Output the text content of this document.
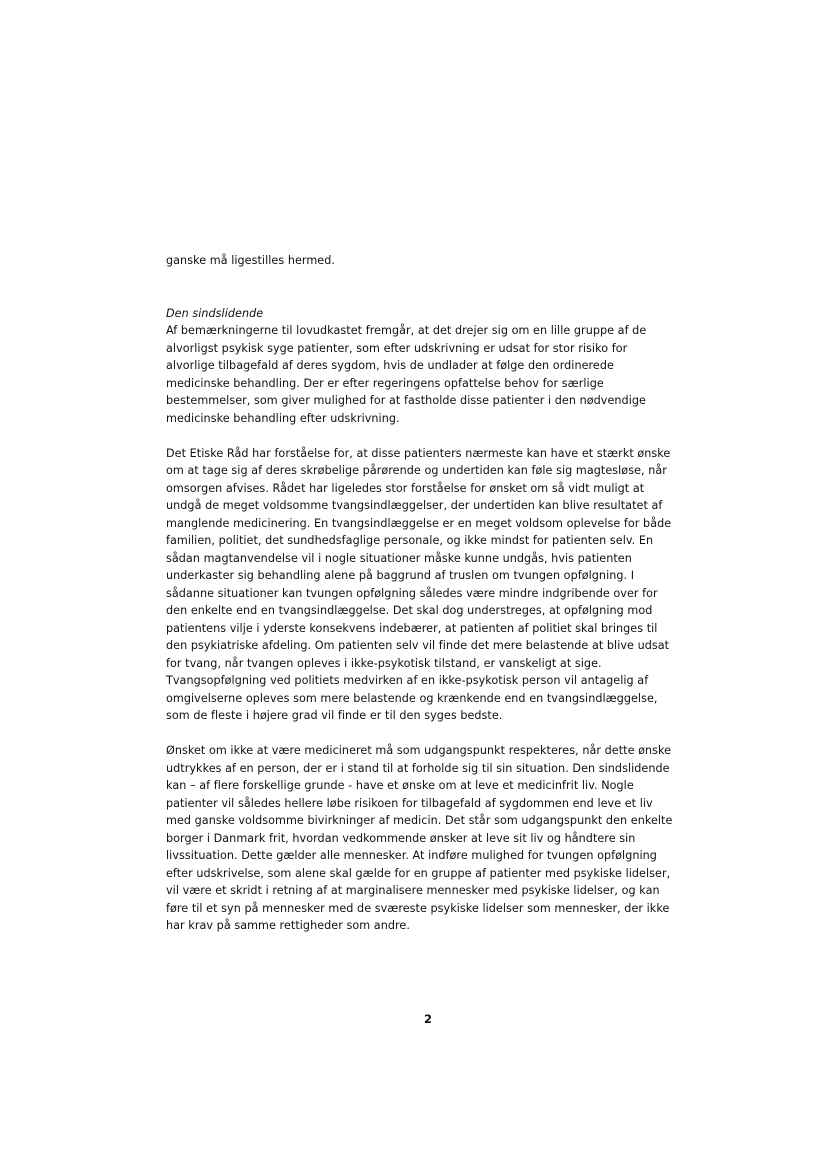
ganske må ligestilles hermed.
Den sindslidende
Af bemærkningerne til lovudkastet fremgår, at det drejer sig om en lille gruppe af de
alvorligst psykisk syge patienter, som efter udskrivning er udsat for stor risiko for
alvorlige tilbagefald af deres sygdom, hvis de undlader at følge den ordinerede
medicinske behandling. Der er efter regeringens opfattelse behov for særlige
bestemmelser, som giver mulighed for at fastholde disse patienter i den nødvendige
medicinske behandling efter udskrivning.
Det Etiske Råd har forståelse for, at disse patienters nærmeste kan have et stærkt ønske
om at tage sig af deres skrøbelige pårørende og undertiden kan føle sig magtesløse, når
omsorgen afvises. Rådet har ligeledes stor forståelse for ønsket om så vidt muligt at
undgå de meget voldsomme tvangsindlæggelser, der undertiden kan blive resultatet af
manglende medicinering. En tvangsindlæggelse er en meget voldsom oplevelse for både
familien, politiet, det sundhedsfaglige personale, og ikke mindst for patienten selv. En
sådan magtanvendelse vil i nogle situationer måske kunne undgås, hvis patienten
underkaster sig behandling alene på baggrund af truslen om tvungen opfølgning. I
sådanne situationer kan tvungen opfølgning således være mindre indgribende over for
den enkelte end en tvangsindlæggelse. Det skal dog understreges, at opfølgning mod
patientens vilje i yderste konsekvens indebærer, at patienten af politiet skal bringes til
den psykiatriske afdeling. Om patienten selv vil finde det mere belastende at blive udsat
for tvang, når tvangen opleves i ikke-psykotisk tilstand, er vanskeligt at sige.
Tvangsopfølgning ved politiets medvirken af en ikke-psykotisk person vil antagelig af
omgivelserne opleves som mere belastende og krænkende end en tvangsindlæggelse,
som de fleste i højere grad vil finde er til den syges bedste.
Ønsket om ikke at være medicineret må som udgangspunkt respekteres, når dette ønske
udtrykkes af en person, der er i stand til at forholde sig til sin situation. Den sindslidende
kan – af flere forskellige grunde - have et ønske om at leve et medicinfrit liv. Nogle
patienter vil således hellere løbe risikoen for tilbagefald af sygdommen end leve et liv
med ganske voldsomme bivirkninger af medicin. Det står som udgangspunkt den enkelte
borger i Danmark frit, hvordan vedkommende ønsker at leve sit liv og håndtere sin
livssituation. Dette gælder alle mennesker. At indføre mulighed for tvungen opfølgning
efter udskrivelse, som alene skal gælde for en gruppe af patienter med psykiske lidelser,
vil være et skridt i retning af at marginalisere mennesker med psykiske lidelser, og kan
føre til et syn på mennesker med de sværeste psykiske lidelser som mennesker, der ikke
har krav på samme rettigheder som andre.
2
